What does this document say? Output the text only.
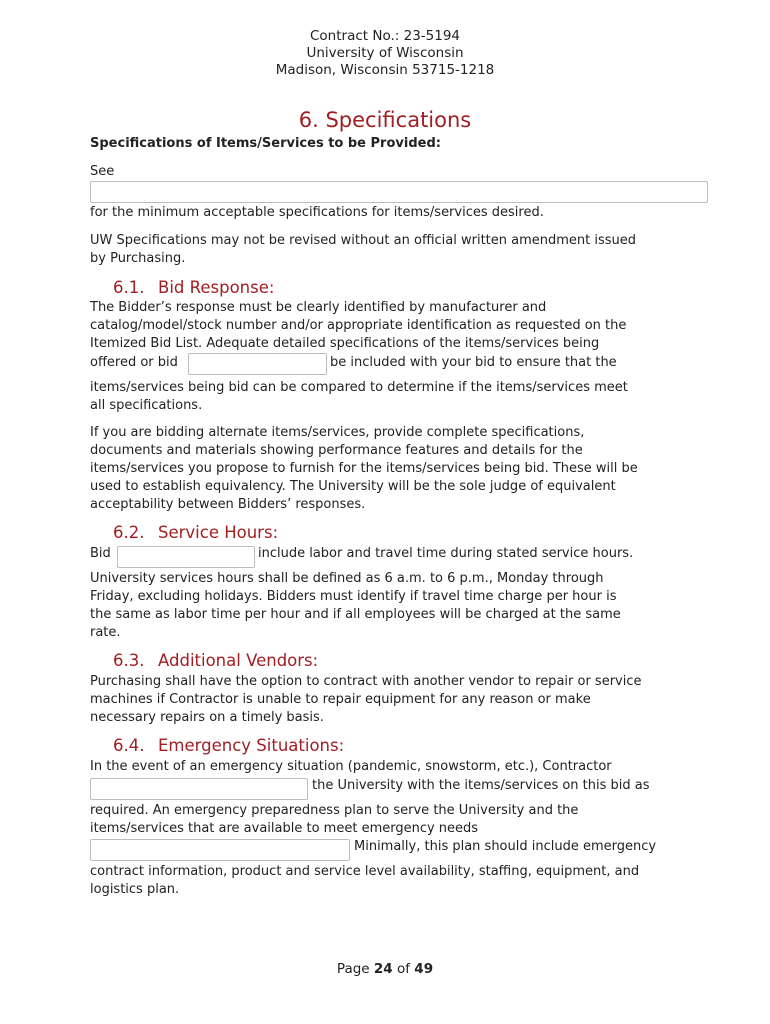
Contract No.: 23-5194
University of Wisconsin
Madison, Wisconsin 53715-1218
6. Specifications
Specifications of Items/Services to be Provided:
See
for the minimum acceptable specifications for items/services desired.
UW Specifications may not be revised without an official written amendment issued
by Purchasing.
6.1. Bid Response:
The Bidder’s response must be clearly identified by manufacturer and
catalog/model/stock number and/or appropriate identification as requested on the
Itemized Bid List. Adequate detailed specifications of the items/services being
offered or bid	be included with your bid to ensure that the
items/services being bid can be compared to determine if the items/services meet
all specifications.
If you are bidding alternate items/services, provide complete specifications,
documents and materials showing performance features and details for the
items/services you propose to furnish for the items/services being bid. These will be
used to establish equivalency. The University will be the sole judge of equivalent
acceptability between Bidders’ responses.
6.2. Service Hours:
Bid	include labor and travel time during stated service hours.
University services hours shall be defined as 6 a.m. to 6 p.m., Monday through
Friday, excluding holidays. Bidders must identify if travel time charge per hour is
the same as labor time per hour and if all employees will be charged at the same
rate.
6.3. Additional Vendors:
Purchasing shall have the option to contract with another vendor to repair or service
machines if Contractor is unable to repair equipment for any reason or make
necessary repairs on a timely basis.
6.4. Emergency Situations:
In the event of an emergency situation (pandemic, snowstorm, etc.), Contractor
the University with the items/services on this bid as
required. An emergency preparedness plan to serve the University and the
items/services that are available to meet emergency needs
Minimally, this plan should include emergency
contract information, product and service level availability, staffing, equipment, and
logistics plan.
Page 24 of 49
